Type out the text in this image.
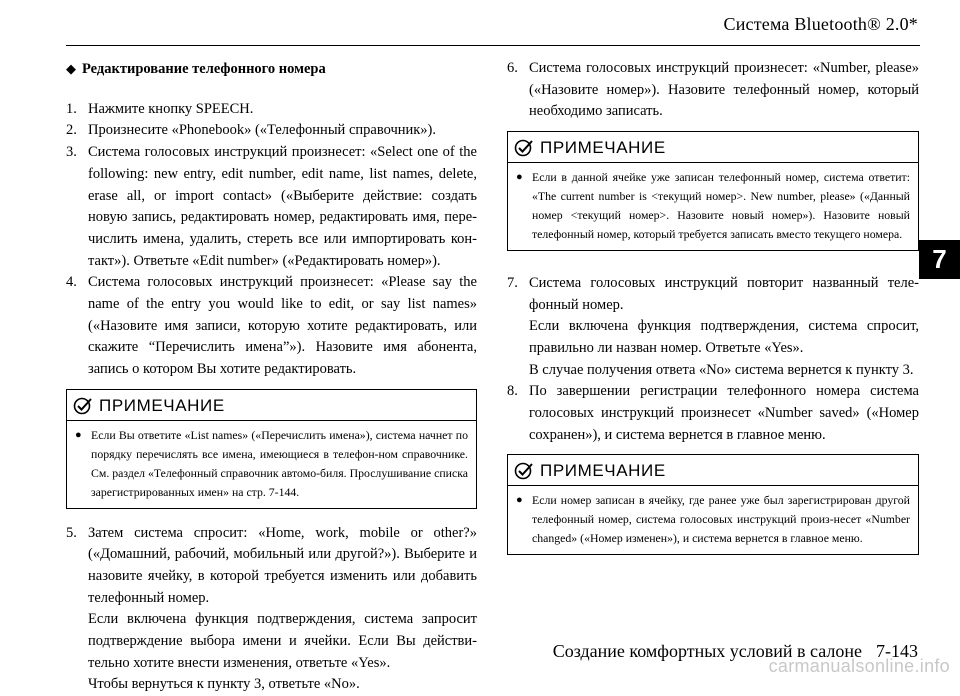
Система Bluetooth® 2.0*
7
◆ Редактирование телефонного номера
1. Нажмите кнопку SPEECH.
2. Произнесите «Phonebook» («Телефонный справочник»).
3. Система голосовых инструкций произнесет: «Select one of the following: new entry, edit number, edit name, list names, delete, erase all, or import contact» («Выберите действие: создать новую запись, редактировать номер, редактировать имя, пере-числить имена, удалить, стереть все или импортировать кон-такт»). Ответьте «Edit number» («Редактировать номер»).
4. Система голосовых инструкций произнесет: «Please say the name of the entry you would like to edit, or say list names» («Назовите имя записи, которую хотите редактировать, или скажите “Перечислить имена”»). Назовите имя абонента, запись о котором Вы хотите редактировать.
ПРИМЕЧАНИЕ
● Если Вы ответите «List names» («Перечислить имена»), система начнет по порядку перечислять все имена, имеющиеся в телефон-ном справочнике. См. раздел «Телефонный справочник автомо-биля. Прослушивание списка зарегистрированных имен» на стр. 7-144.
5. Затем система спросит: «Home, work, mobile or other?» («Домашний, рабочий, мобильный или другой?»). Выберите и назовите ячейку, в которой требуется изменить или добавить телефонный номер.

Если включена функция подтверждения, система запросит подтверждение выбора имени и ячейки. Если Вы действи-тельно хотите внести изменения, ответьте «Yes».

Чтобы вернуться к пункту 3, ответьте «No».

6. Система голосовых инструкций произнесет: «Number, please» («Назовите номер»). Назовите телефонный номер, который необходимо записать.
ПРИМЕЧАНИЕ
● Если в данной ячейке уже записан телефонный номер, система ответит: «The current number is <текущий номер>. New number, please» («Данный номер <текущий номер>. Назовите новый номер»). Назовите новый телефонный номер, который требуется записать вместо текущего номера.
7. Система голосовых инструкций повторит названный теле-фонный номер.

Если включена функция подтверждения, система спросит, правильно ли назван номер. Ответьте «Yes».

В случае получения ответа «No» система вернется к пункту 3.

8. По завершении регистрации телефонного номера система голосовых инструкций произнесет «Number saved» («Номер сохранен»), и система вернется в главное меню.
ПРИМЕЧАНИЕ
● Если номер записан в ячейку, где ранее уже был зарегистрирован другой телефонный номер, система голосовых инструкций произ-несет «Number changed» («Номер изменен»), и система вернется в главное меню.
Создание комфортных условий в салоне 7-143
carmanualsonline.info
